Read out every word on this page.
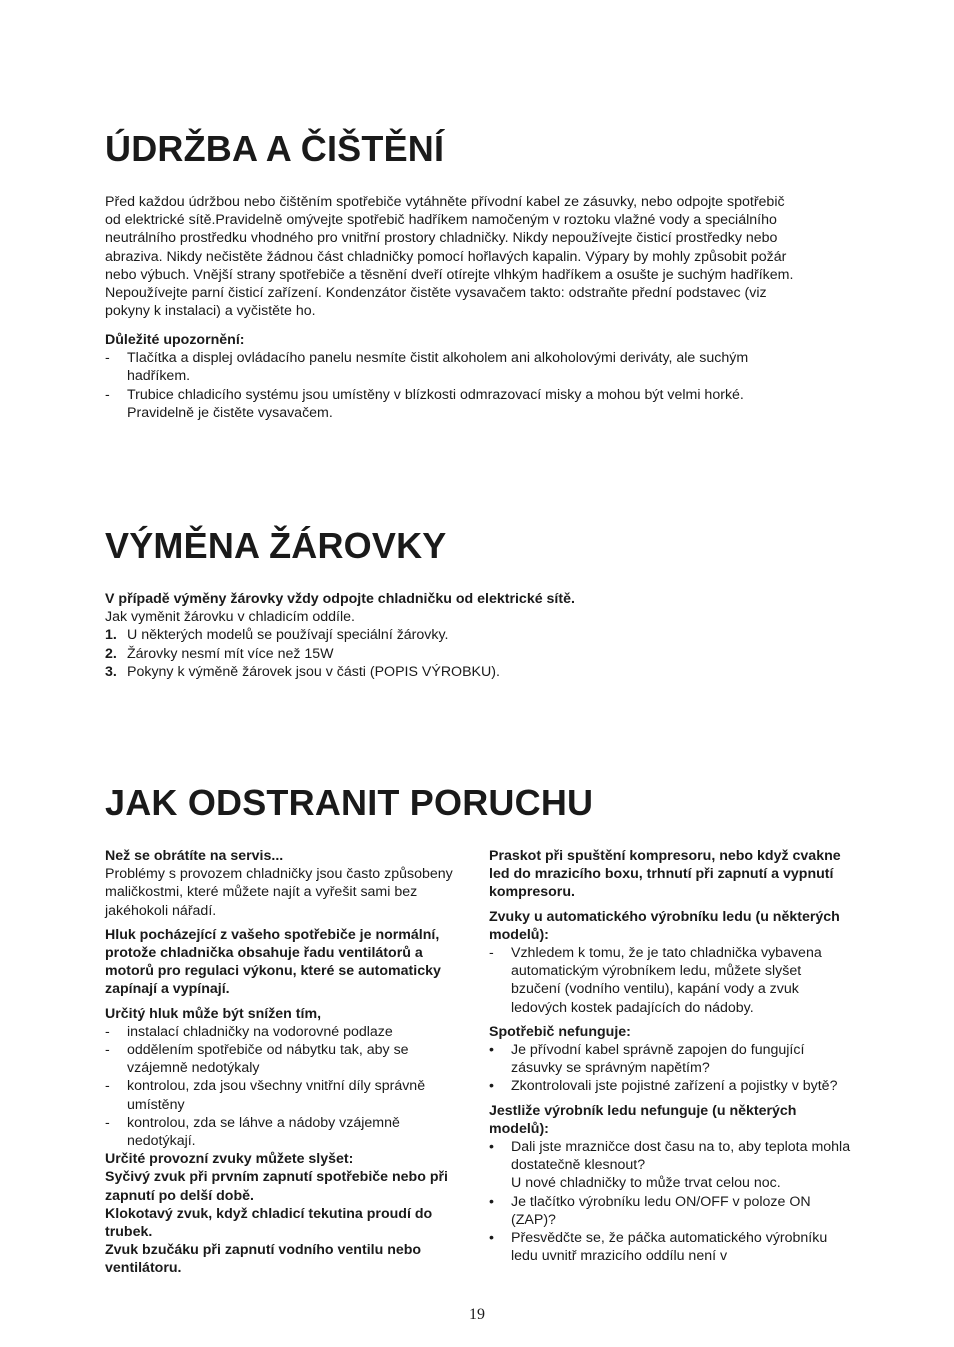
ÚDRŽBA A ČIŠTĚNÍ

Před každou údržbou nebo čištěním spotřebiče vytáhněte přívodní kabel ze zásuvky, nebo odpojte spotřebič

od elektrické sítě.Pravidelně omývejte spotřebič hadříkem namočeným v roztoku vlažné vody a speciálního

neutrálního prostředku vhodného pro vnitřní prostory chladničky. Nikdy nepoužívejte čisticí prostředky nebo

abraziva. Nikdy nečistěte žádnou část chladničky pomocí hořlavých kapalin. Výpary by mohly způsobit požár

nebo výbuch. Vnější strany spotřebiče a těsnění dveří otírejte vlhkým hadříkem a osušte je suchým hadříkem.

Nepoužívejte parní čisticí zařízení. Kondenzátor čistěte vysavačem takto: odstraňte přední podstavec (viz

pokyny k instalaci) a vyčistěte ho.

Důležité upozornění:

- Tlačítka a displej ovládacího panelu nesmíte čistit alkoholem ani alkoholovými deriváty, ale suchým hadříkem.
- Trubice chladicího systému jsou umístěny v blízkosti odmrazovací misky a mohou být velmi horké. Pravidelně je čistěte vysavačem.
VÝMĚNA ŽÁROVKY

V případě výměny žárovky vždy odpojte chladničku od elektrické sítě.

Jak vyměnit žárovku v chladicím oddíle.

1. U některých modelů se používají speciální žárovky.
2. Žárovky nesmí mít více než 15W
3. Pokyny k výměně žárovek jsou v části (POPIS VÝROBKU).
JAK ODSTRANIT PORUCHU

Než se obrátíte na servis...

Problémy s provozem chladničky jsou často způsobeny maličkostmi, které můžete najít a vyřešit sami bez jakéhokoli nářadí.

Hluk pocházející z vašeho spotřebiče je normální, protože chladnička obsahuje řadu ventilátorů a motorů pro regulaci výkonu, které se automaticky zapínají a vypínají.

Určitý hluk může být snížen tím,

- instalací chladničky na vodorovné podlaze
- oddělením spotřebiče od nábytku tak, aby se vzájemně nedotýkaly
- kontrolou, zda jsou všechny vnitřní díly správně umístěny
- kontrolou, zda se láhve a nádoby vzájemně nedotýkají.

Určité provozní zvuky můžete slyšet:

Syčivý zvuk při prvním zapnutí spotřebiče nebo při zapnutí po delší době.

Klokotavý zvuk, když chladicí tekutina proudí do trubek.

Zvuk bzučáku při zapnutí vodního ventilu nebo ventilátoru.

Praskot při spuštění kompresoru, nebo když cvakne led do mrazicího boxu, trhnutí při zapnutí a vypnutí kompresoru.

Zvuky u automatického výrobníku ledu (u některých modelů):

- Vzhledem k tomu, že je tato chladnička vybavena automatickým výrobníkem ledu, můžete slyšet bzučení (vodního ventilu), kapání vody a zvuk ledových kostek padajících do nádoby.

Spotřebič nefunguje:

• Je přívodní kabel správně zapojen do fungující zásuvky se správným napětím?
• Zkontrolovali jste pojistné zařízení a pojistky v bytě?

Jestliže výrobník ledu nefunguje (u některých modelů):

• Dali jste mrazničce dost času na to, aby teplota mohla dostatečně klesnout?
U nové chladničky to může trvat celou noc.
• Je tlačítko výrobníku ledu ON/OFF v poloze ON (ZAP)?
• Přesvědčte se, že páčka automatického výrobníku ledu uvnitř mrazicího oddílu není v
19
